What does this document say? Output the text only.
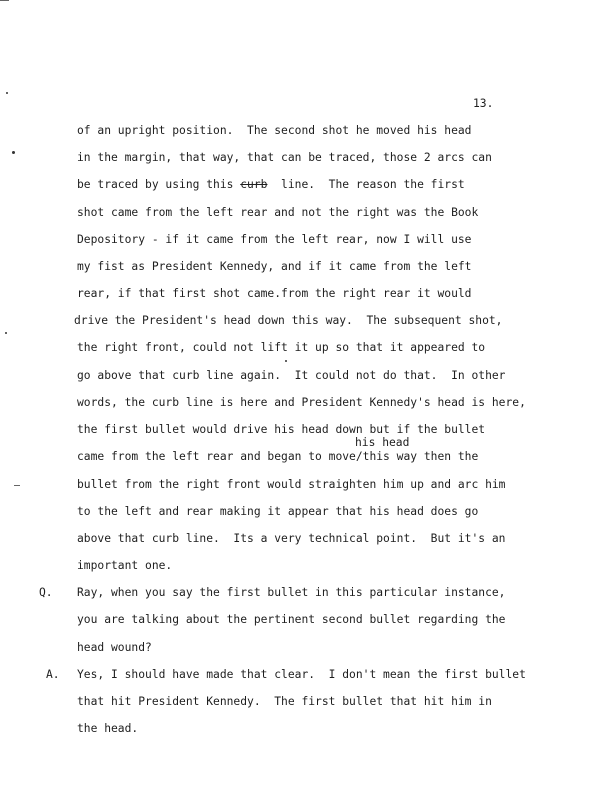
13.
of an upright position.  The second shot he moved his head
in the margin, that way, that can be traced, those 2 arcs can
be traced by using this curb  line.  The reason the first
shot came from the left rear and not the right was the Book
Depository - if it came from the left rear, now I will use
my fist as President Kennedy, and if it came from the left
rear, if that first shot came.from the right rear it would
drive the President's head down this way.  The subsequent shot,
the right front, could not lift it up so that it appeared to
go above that curb line again.  It could not do that.  In other
words, the curb line is here and President Kennedy's head is here,
the first bullet would drive his head down but if the bullet
his head
came from the left rear and began to move/this way then the
bullet from the right front would straighten him up and arc him
to the left and rear making it appear that his head does go
above that curb line.  Its a very technical point.  But it's an
important one.
Q. Ray, when you say the first bullet in this particular instance,
you are talking about the pertinent second bullet regarding the
head wound?
A. Yes, I should have made that clear.  I don't mean the first bullet
that hit President Kennedy.  The first bullet that hit him in
the head.
